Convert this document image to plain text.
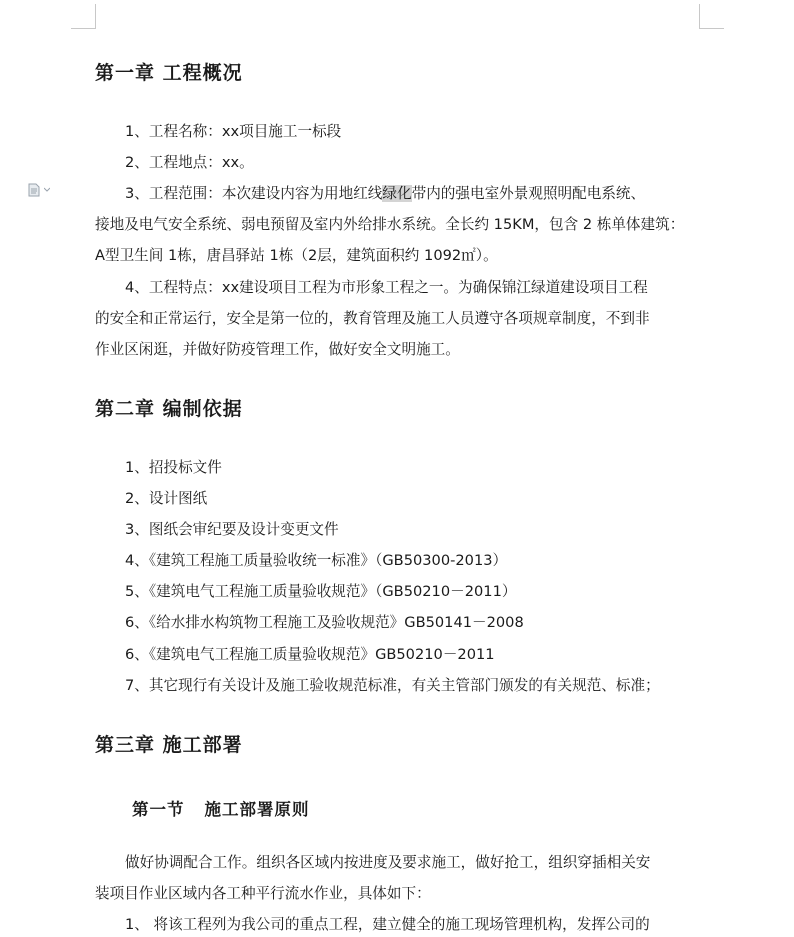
第一章 工程概况
1、工程名称：xx项目施工一标段
2、工程地点：xx。
3、工程范围：本次建设内容为用地红线绿化带内的强电室外景观照明配电系统、
接地及电气安全系统、弱电预留及室内外给排水系统。全长约 15KM，包含 2 栋单体建筑：
A型卫生间 1栋，唐昌驿站 1栋（2层，建筑面积约 1092㎡）。
4、工程特点：xx建设项目工程为市形象工程之一。为确保锦江绿道建设项目工程
的安全和正常运行，安全是第一位的，教育管理及施工人员遵守各项规章制度，不到非
作业区闲逛，并做好防疫管理工作，做好安全文明施工。
第二章 编制依据
1、招投标文件
2、设计图纸
3、图纸会审纪要及设计变更文件
4、《建筑工程施工质量验收统一标准》（GB50300-2013）
5、《建筑电气工程施工质量验收规范》（GB50210－2011）
6、《给水排水构筑物工程施工及验收规范》GB50141－2008
6、《建筑电气工程施工质量验收规范》GB50210－2011
7、其它现行有关设计及施工验收规范标准，有关主管部门颁发的有关规范、标准；
第三章 施工部署
第一节 施工部署原则
做好协调配合工作。组织各区域内按进度及要求施工，做好抢工，组织穿插相关安
装项目作业区域内各工种平行流水作业，具体如下：
1、 将该工程列为我公司的重点工程，建立健全的施工现场管理机构，发挥公司的
